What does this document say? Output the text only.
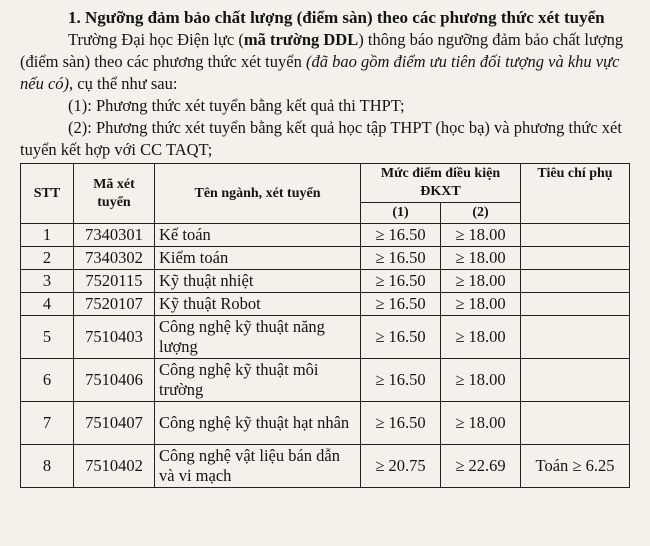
1. Ngưỡng đảm bảo chất lượng (điểm sàn) theo các phương thức xét tuyển

Trường Đại học Điện lực (mã trường DDL) thông báo ngưỡng đảm bảo chất lượng (điểm sàn) theo các phương thức xét tuyển (đã bao gồm điểm ưu tiên đối tượng và khu vực nếu có), cụ thể như sau:

(1): Phương thức xét tuyển bằng kết quả thi THPT;

(2): Phương thức xét tuyển bằng kết quả học tập THPT (học bạ) và phương thức xét tuyển kết hợp với CC TAQT;

STT	Mã xét tuyển	Tên ngành, xét tuyển	Mức điểm điều kiện ĐKXT		Tiêu chí phụ
			(1)	(2)	
1	7340301	Kế toán	≥ 16.50	≥ 18.00	
2	7340302	Kiểm toán	≥ 16.50	≥ 18.00	
3	7520115	Kỹ thuật nhiệt	≥ 16.50	≥ 18.00	
4	7520107	Kỹ thuật Robot	≥ 16.50	≥ 18.00	
5	7510403	Công nghệ kỹ thuật năng lượng	≥ 16.50	≥ 18.00	
6	7510406	Công nghệ kỹ thuật môi trường	≥ 16.50	≥ 18.00	
7	7510407	Công nghệ kỹ thuật hạt nhân	≥ 16.50	≥ 18.00	
8	7510402	Công nghệ vật liệu bán dẫn và vi mạch	≥ 20.75	≥ 22.69	Toán ≥ 6.25
